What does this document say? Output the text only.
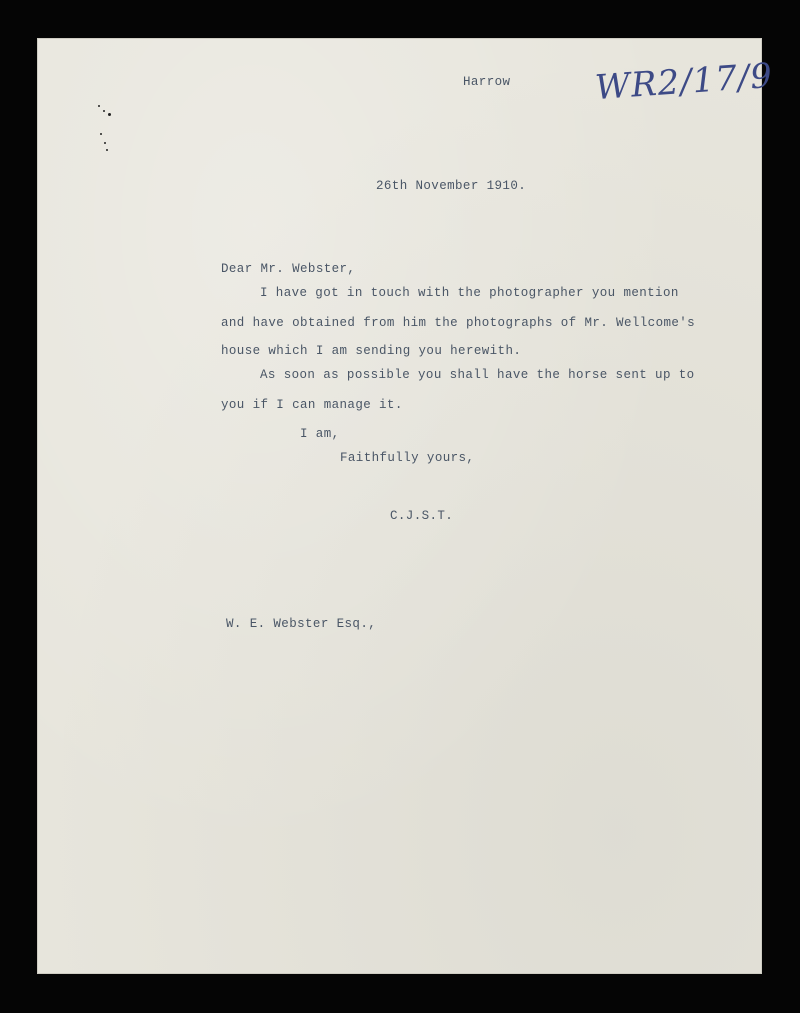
WR2/17/9
Harrow
26th November 1910.
Dear Mr. Webster,
I have got in touch with the photographer you mention
and have obtained from him the photographs of Mr. Wellcome's
house which I am sending you herewith.
As soon as possible you shall have the horse sent up to
you if I can manage it.
I am,
Faithfully yours,
C.J.S.T.
W. E. Webster Esq.,
